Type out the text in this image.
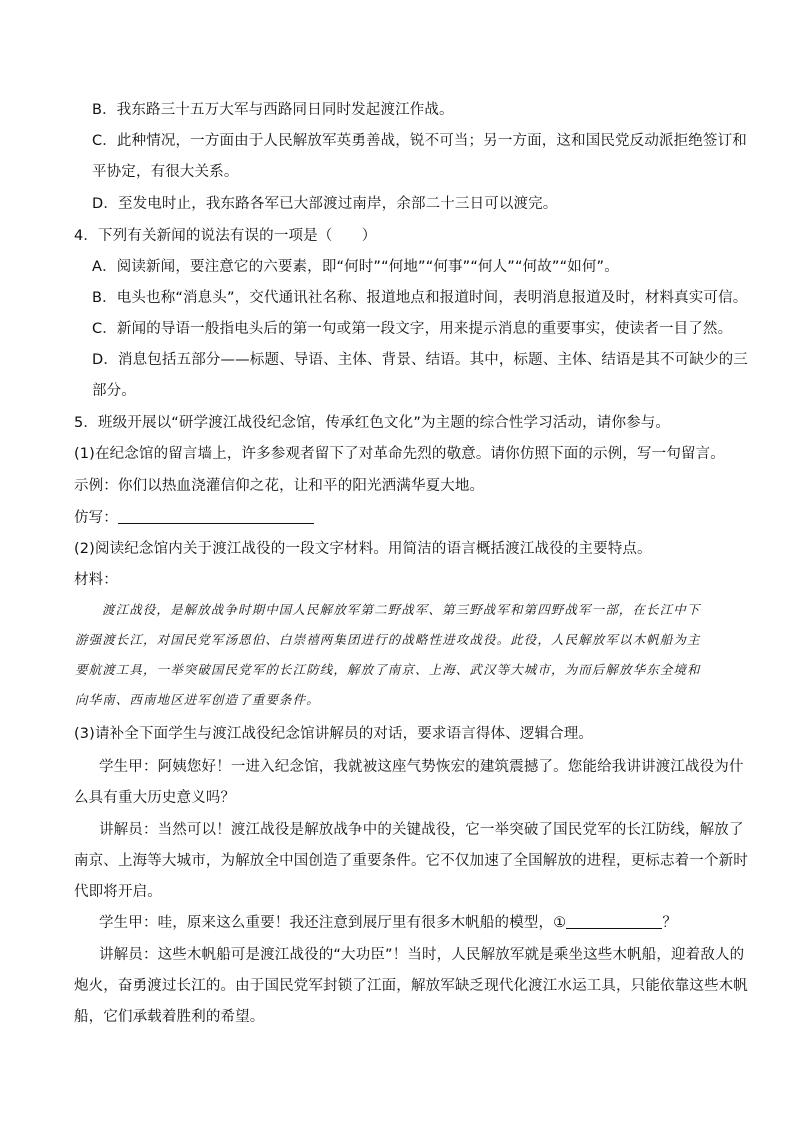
B．我东路三十五万大军与西路同日同时发起渡江作战。
C．此种情况，一方面由于人民解放军英勇善战，锐不可当；另一方面，这和国民党反动派拒绝签订和
平协定，有很大关系。
D．至发电时止，我东路各军已大部渡过南岸，余部二十三日可以渡完。
4．下列有关新闻的说法有误的一项是（　　）
A．阅读新闻，要注意它的六要素，即“何时”“何地”“何事”“何人”“何故”“如何”。
B．电头也称“消息头”，交代通讯社名称、报道地点和报道时间，表明消息报道及时，材料真实可信。
C．新闻的导语一般指电头后的第一句或第一段文字，用来提示消息的重要事实，使读者一目了然。
D．消息包括五部分——标题、导语、主体、背景、结语。其中，标题、主体、结语是其不可缺少的三
部分。
5．班级开展以“研学渡江战役纪念馆，传承红色文化”为主题的综合性学习活动，请你参与。
(1)在纪念馆的留言墙上，许多参观者留下了对革命先烈的敬意。请你仿照下面的示例，写一句留言。
示例：你们以热血浇灌信仰之花，让和平的阳光洒满华夏大地。
仿写：
(2)阅读纪念馆内关于渡江战役的一段文字材料。用简洁的语言概括渡江战役的主要特点。
材料：
渡江战役，是解放战争时期中国人民解放军第二野战军、第三野战军和第四野战军一部，在长江中下
游强渡长江，对国民党军汤恩伯、白崇禧两集团进行的战略性进攻战役。此役，人民解放军以木帆船为主
要航渡工具，一举突破国民党军的长江防线，解放了南京、上海、武汉等大城市，为而后解放华东全境和
向华南、西南地区进军创造了重要条件。
(3)请补全下面学生与渡江战役纪念馆讲解员的对话，要求语言得体、逻辑合理。
学生甲：阿姨您好！一进入纪念馆，我就被这座气势恢宏的建筑震撼了。您能给我讲讲渡江战役为什
么具有重大历史意义吗？
讲解员：当然可以！渡江战役是解放战争中的关键战役，它一举突破了国民党军的长江防线，解放了
南京、上海等大城市，为解放全中国创造了重要条件。它不仅加速了全国解放的进程，更标志着一个新时
代即将开启。
学生甲：哇，原来这么重要！我还注意到展厅里有很多木帆船的模型，①	？
讲解员：这些木帆船可是渡江战役的“大功臣”！当时，人民解放军就是乘坐这些木帆船，迎着敌人的
炮火，奋勇渡过长江的。由于国民党军封锁了江面，解放军缺乏现代化渡江水运工具，只能依靠这些木帆
船，它们承载着胜利的希望。
